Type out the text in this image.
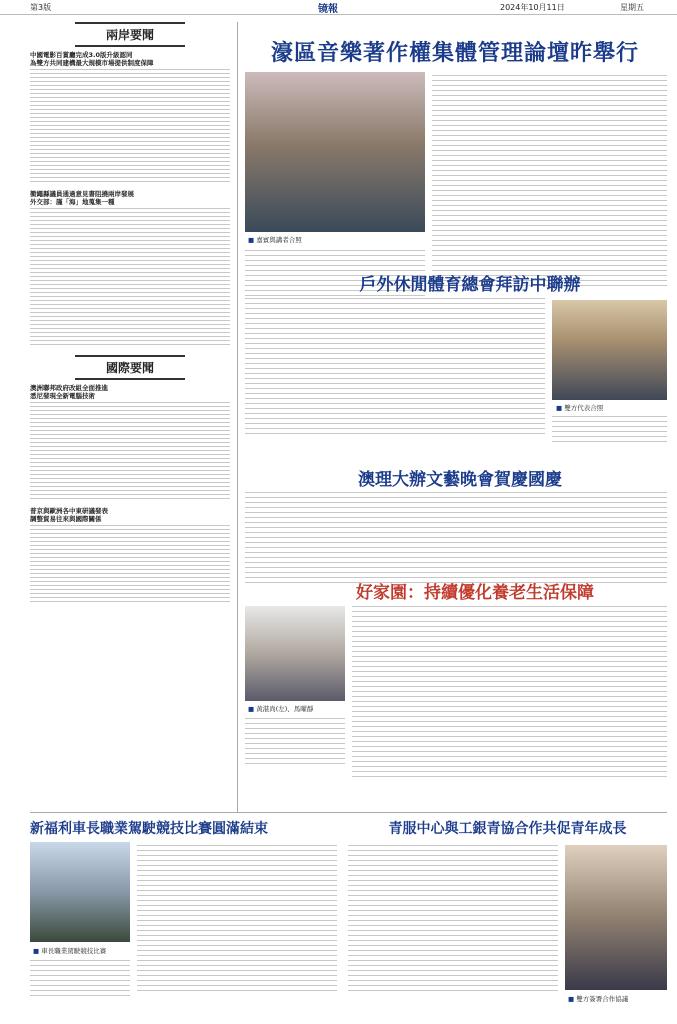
第3版	镜報	2024年10月11日	星期五
兩岸要聞
中國電影百賞廳完成3.0版升級認同
為雙方共同建構最大規模市場提供制度保障
衝繩縣議員通過意見書阻撓兩岸發展
外交部：謹「海」地蒐集一種
國際要聞
澳洲聯邦政府改組全面推進
悉尼發現全新電腦技術
普京與歐洲各中東研議發表
調整貿易往來與國際關係
濠區音樂著作權集體管理論壇昨舉行
■ 嘉賓與講者合照
戶外休閒體育總會拜訪中聯辦
■ 雙方代表合照
澳理大辦文藝晚會賀慶國慶
好家園：持續優化養老生活保障
■ 黃湛尚(左)、馬曜靜
新福利車長職業駕駛競技比賽圓滿結束
■ 車長職業駕駛競技比賽
青服中心與工銀青協合作共促青年成長
■ 雙方簽署合作協議
